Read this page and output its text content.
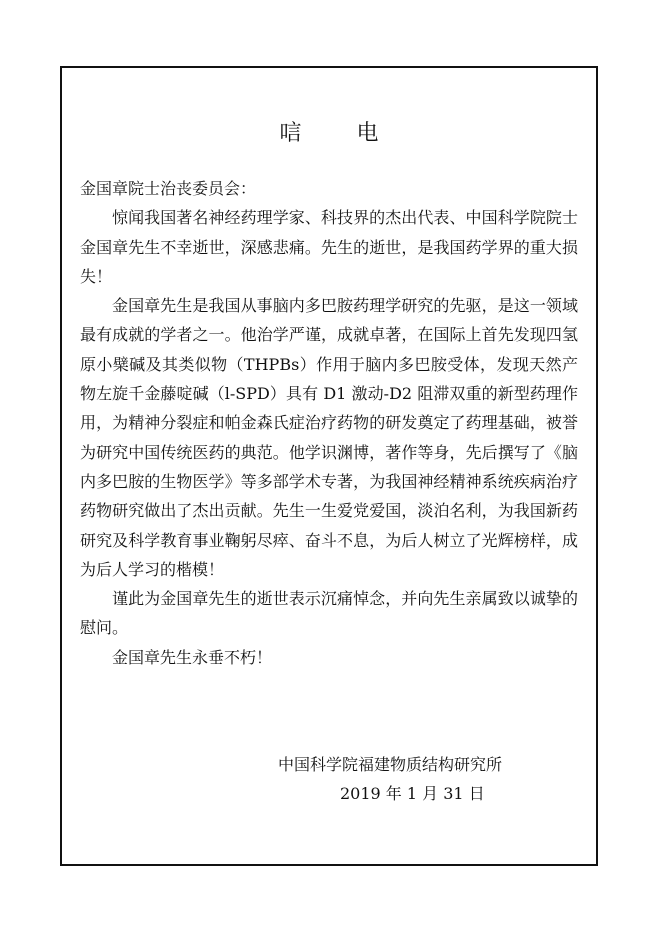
唁 电

金国章院士治丧委员会：

惊闻我国著名神经药理学家、科技界的杰出代表、中国科学院院士金国章先生不幸逝世，深感悲痛。先生的逝世，是我国药学界的重大损失！

金国章先生是我国从事脑内多巴胺药理学研究的先驱，是这一领域最有成就的学者之一。他治学严谨，成就卓著，在国际上首先发现四氢原小檗碱及其类似物（THPBs）作用于脑内多巴胺受体，发现天然产物左旋千金藤啶碱（l-SPD）具有 D1 激动-D2 阻滞双重的新型药理作用，为精神分裂症和帕金森氏症治疗药物的研发奠定了药理基础，被誉为研究中国传统医药的典范。他学识渊博，著作等身，先后撰写了《脑内多巴胺的生物医学》等多部学术专著，为我国神经精神系统疾病治疗药物研究做出了杰出贡献。先生一生爱党爱国，淡泊名利，为我国新药研究及科学教育事业鞠躬尽瘁、奋斗不息，为后人树立了光辉榜样，成为后人学习的楷模！

谨此为金国章先生的逝世表示沉痛悼念，并向先生亲属致以诚挚的慰问。

金国章先生永垂不朽！

中国科学院福建物质结构研究所
2019 年 1 月 31 日
